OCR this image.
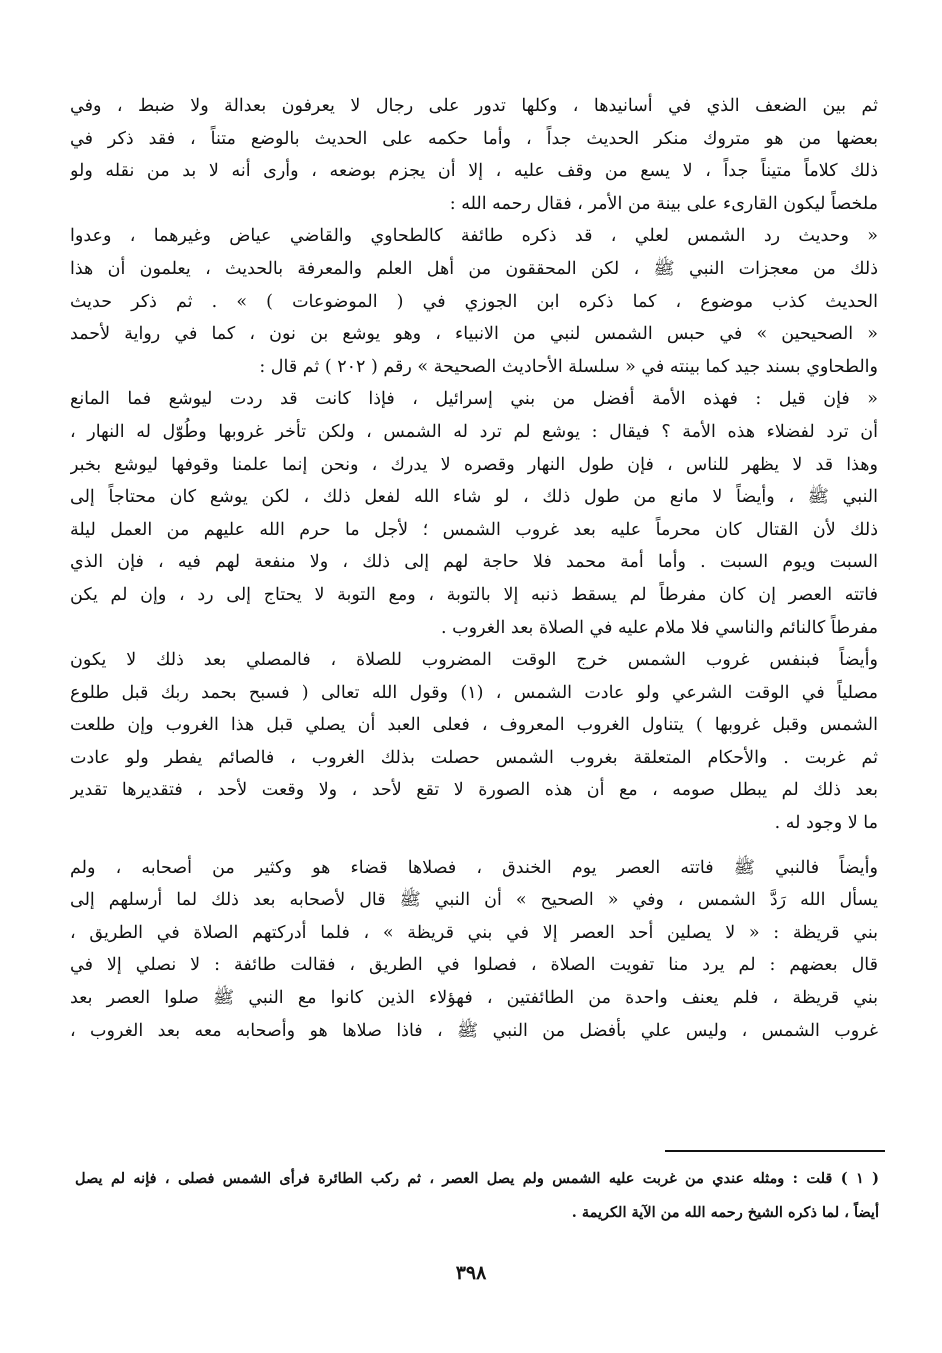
ثم بين الضعف الذي في أسانيدها ، وكلها تدور على رجال لا يعرفون بعدالة ولا ضبط ، وفي
بعضها من هو متروك منكر الحديث جداً ، وأما حكمه على الحديث بالوضع متناً ، فقد ذكر في
ذلك كلاماً متيناً جداً ، لا يسع من وقف عليه ، إلا أن يجزم بوضعه ، وأرى أنه لا بد من نقله ولو
ملخصاً ليكون القارىء على بينة من الأمر ، فقال رحمه الله :
« وحديث رد الشمس لعلي ، قد ذكره طائفة كالطحاوي والقاضي عياض وغيرهما ، وعدوا
ذلك من معجزات النبي ﷺ ، لكن المحققون من أهل العلم والمعرفة بالحديث ، يعلمون أن هذا
الحديث كذب موضوع ، كما ذكره ابن الجوزي في ( الموضوعات ) » . ثم ذكر حديث
« الصحيحين » في حبس الشمس لنبي من الانبياء ، وهو يوشع بن نون ، كما في رواية لأحمد
والطحاوي بسند جيد كما بينته في « سلسلة الأحاديث الصحيحة » رقم ( ٢٠٢ ) ثم قال :
« فإن قيل : فهذه الأمة أفضل من بني إسرائيل ، فإذا كانت قد ردت ليوشع فما المانع
أن ترد لفضلاء هذه الأمة ؟ فيقال : يوشع لم ترد له الشمس ، ولكن تأخر غروبها وطُوّل له النهار ،
وهذا قد لا يظهر للناس ، فإن طول النهار وقصره لا يدرك ، ونحن إنما علمنا وقوفها ليوشع بخبر
النبي ﷺ ، وأيضاً لا مانع من طول ذلك ، لو شاء الله لفعل ذلك ، لكن يوشع كان محتاجاً إلى
ذلك لأن القتال كان محرماً عليه بعد غروب الشمس ؛ لأجل ما حرم الله عليهم من العمل ليلة
السبت ويوم السبت . وأما أمة محمد فلا حاجة لهم إلى ذلك ، ولا منفعة لهم فيه ، فإن الذي
فاتته العصر إن كان مفرطاً لم يسقط ذنبه إلا بالتوبة ، ومع التوبة لا يحتاج إلى رد ، وإن لم يكن
مفرطاً كالنائم والناسي فلا ملام عليه في الصلاة بعد الغروب .
وأيضاً فبنفس غروب الشمس خرج الوقت المضروب للصلاة ، فالمصلي بعد ذلك لا يكون
مصلياً في الوقت الشرعي ولو عادت الشمس ، (١) وقول الله تعالى ( فسبح بحمد ربك قبل طلوع
الشمس وقبل غروبها ) يتناول الغروب المعروف ، فعلى العبد أن يصلي قبل هذا الغروب وإن طلعت
ثم غربت . والأحكام المتعلقة بغروب الشمس حصلت بذلك الغروب ، فالصائم يفطر ولو عادت
بعد ذلك لم يبطل صومه ، مع أن هذه الصورة لا تقع لأحد ، ولا وقعت لأحد ، فتقديرها تقدير
ما لا وجود له .
وأيضاً فالنبي ﷺ فاتته العصر يوم الخندق ، فصلاها قضاء هو وكثير من أصحابه ، ولم
يسأل الله رَدَّ الشمس ، وفي « الصحيح » أن النبي ﷺ قال لأصحابه بعد ذلك لما أرسلهم إلى
بني قريظة : « لا يصلين أحد العصر إلا في بني قريظة » ، فلما أدركتهم الصلاة في الطريق ،
قال بعضهم : لم يرد منا تفويت الصلاة ، فصلوا في الطريق ، فقالت طائفة : لا نصلي إلا في
بني قريظة ، فلم يعنف واحدة من الطائفتين ، فهؤلاء الذين كانوا مع النبي ﷺ صلوا العصر بعد
غروب الشمس ، وليس علي بأفضل من النبي ﷺ ، فاذا صلاها هو وأصحابه معه بعد الغروب ،
( ١ ) قلت : ومثله عندي من غربت عليه الشمس ولم يصل العصر ، ثم ركب الطائرة فرأى الشمس فصلى ، فإنه لم يصل
أيضاً ، لما ذكره الشيخ رحمه الله من الآية الكريمة .
٣٩٨
